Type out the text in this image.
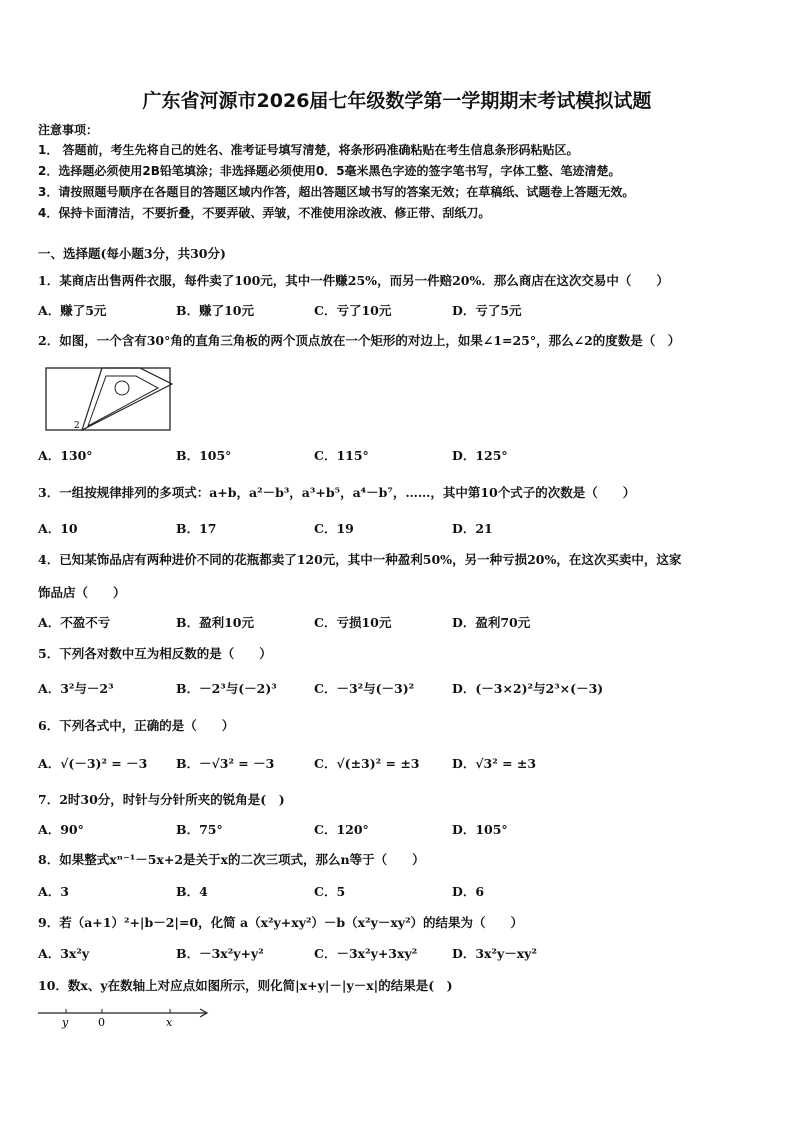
广东省河源市2026届七年级数学第一学期期末考试模拟试题
注意事项：
1． 答题前，考生先将自己的姓名、准考证号填写清楚，将条形码准确粘贴在考生信息条形码粘贴区。
2．选择题必须使用2B铅笔填涂；非选择题必须使用0．5毫米黑色字迹的签字笔书写，字体工整、笔迹清楚。
3．请按照题号顺序在各题目的答题区域内作答，超出答题区域书写的答案无效；在草稿纸、试题卷上答题无效。
4．保持卡面清洁，不要折叠，不要弄破、弄皱，不准使用涂改液、修正带、刮纸刀。
一、选择题(每小题3分，共30分)
1．某商店出售两件衣服，每件卖了100元，其中一件赚25%，而另一件赔20%．那么商店在这次交易中（　　）
A．赚了5元	B．赚了10元	C．亏了10元	D．亏了5元
2．如图，一个含有30°角的直角三角板的两个顶点放在一个矩形的对边上，如果∠1=25°，那么∠2的度数是（　）
2
A．130°	B．105°	C．115°	D．125°
3．一组按规律排列的多项式：a+b，a²－b³，a³+b⁵，a⁴－b⁷，……，其中第10个式子的次数是（　　）
A．10	B．17	C．19	D．21
4．已知某饰品店有两种进价不同的花瓶都卖了120元，其中一种盈利50%，另一种亏损20%，在这次买卖中，这家
饰品店（　　）
A．不盈不亏	B．盈利10元	C．亏损10元	D．盈利70元
5．下列各对数中互为相反数的是（　　）
A．3²与－2³	B．－2³与(－2)³	C．－3²与(－3)²	D．(－3×2)²与2³×(－3)
6．下列各式中，正确的是（　　）
A．√(－3)² = －3 B．－√3² = －3	C．√(±3)² = ±3	D．√3² = ±3
7．2时30分，时针与分针所夹的锐角是(　)
A．90°	B．75°	C．120°	D．105°
8．如果整式xⁿ⁻¹－5x+2是关于x的二次三项式，那么n等于（　　）
A．3	B．4	C．5	D．6
9．若（a+1）²+|b－2|=0，化简 a（x²y+xy²）－b（x²y－xy²）的结果为（　　）
A．3x²y	B．－3x²y+y²	C．－3x²y+3xy²	D．3x²y－xy²
10．数x、y在数轴上对应点如图所示，则化简|x+y|－|y－x|的结果是(　)
y	0	x
